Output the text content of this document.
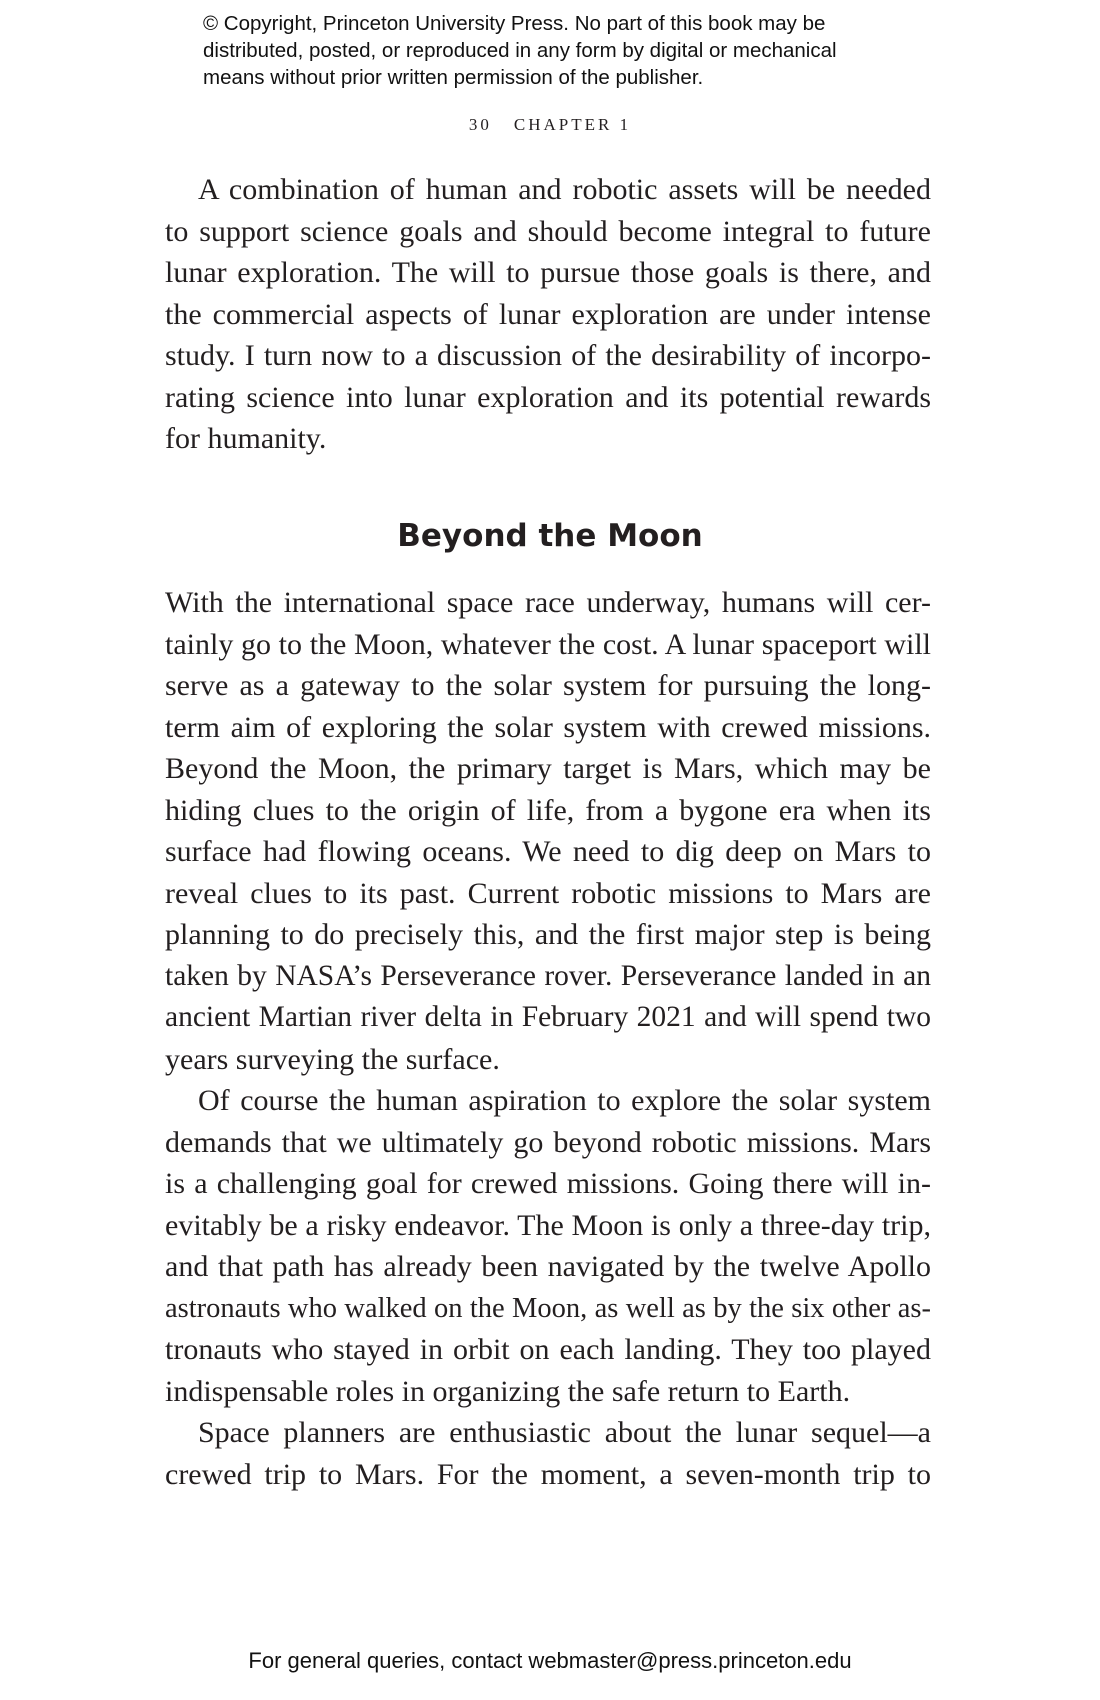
© Copyright, Princeton University Press. No part of this book may be
distributed, posted, or reproduced in any form by digital or mechanical
means without prior written permission of the publisher.
30 CHAPTER 1
A combination of human and robotic assets will be needed
to support science goals and should become integral to future
lunar exploration. The will to pursue those goals is there, and
the commercial aspects of lunar exploration are under intense
study. I turn now to a discussion of the desirability of incorpo-
rating science into lunar exploration and its potential rewards
for humanity.
Beyond the Moon
With the international space race underway, humans will cer-
tainly go to the Moon, whatever the cost. A lunar spaceport will
serve as a gateway to the solar system for pursuing the long-
term aim of exploring the solar system with crewed missions.
Beyond the Moon, the primary target is Mars, which may be
hiding clues to the origin of life, from a bygone era when its
surface had flowing oceans. We need to dig deep on Mars to
reveal clues to its past. Current robotic missions to Mars are
planning to do precisely this, and the first major step is being
taken by NASA’s Perseverance rover. Perseverance landed in an
ancient Martian river delta in February 2021 and will spend two
years surveying the surface.
Of course the human aspiration to explore the solar system
demands that we ultimately go beyond robotic missions. Mars
is a challenging goal for crewed missions. Going there will in-
evitably be a risky endeavor. The Moon is only a three-day trip,
and that path has already been navigated by the twelve Apollo
astronauts who walked on the Moon, as well as by the six other as-
tronauts who stayed in orbit on each landing. They too played
indispensable roles in organizing the safe return to Earth.
Space planners are enthusiastic about the lunar sequel—a
crewed trip to Mars. For the moment, a seven-month trip to
For general queries, contact webmaster@press.princeton.edu
